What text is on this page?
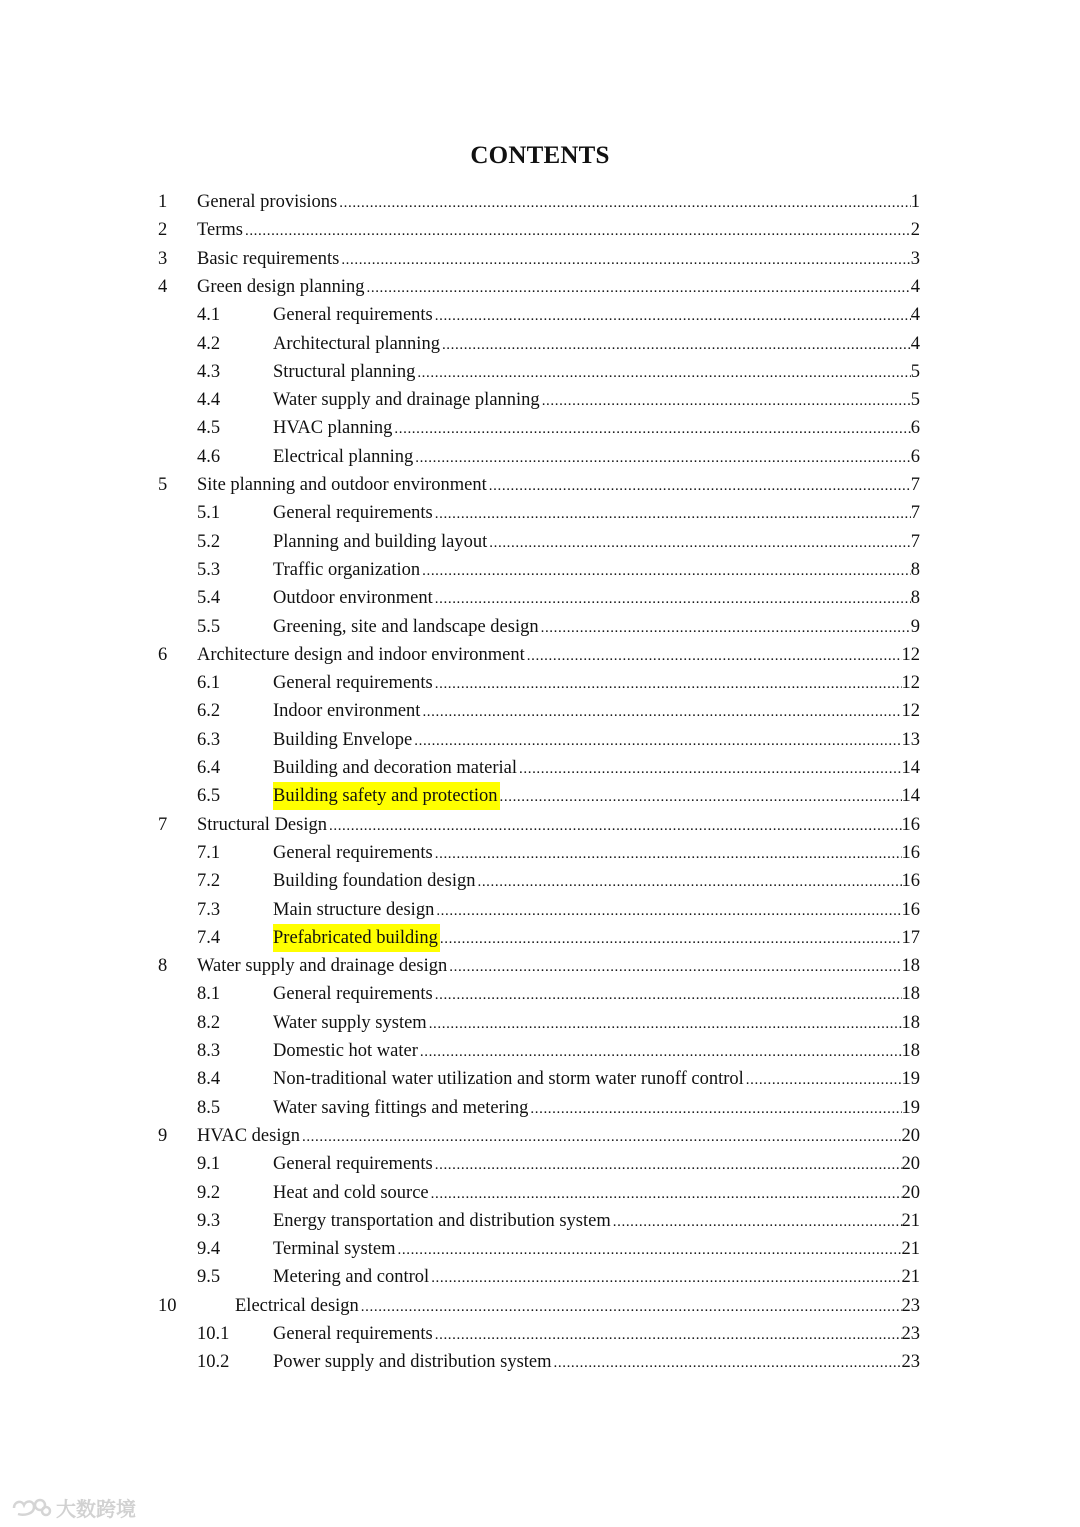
CONTENTS
1 General provisions .....	1
2 Terms .....	2
3 Basic requirements .....	3
4 Green design planning .....	4
4.1	General requirements .....	4
4.2	Architectural planning .....	4
4.3	Structural planning .....	5
4.4	Water supply and drainage planning .....	5
4.5	HVAC planning .....	6
4.6	Electrical planning .....	6
5 Site planning and outdoor environment .....	7
5.1	General requirements .....	7
5.2	Planning and building layout .....	7
5.3	Traffic organization .....	8
5.4	Outdoor environment .....	8
5.5	Greening, site and landscape design .....	9
6 Architecture design and indoor environment .....	12
6.1	General requirements .....	12
6.2	Indoor environment .....	12
6.3	Building Envelope .....	13
6.4	Building and decoration material .....	14
6.5	Building safety and protection .....	14
7 Structural Design .....	16
7.1	General requirements .....	16
7.2	Building foundation design .....	16
7.3	Main structure design .....	16
7.4	Prefabricated building .....	17
8 Water supply and drainage design .....	18
8.1	General requirements .....	18
8.2	Water supply system .....	18
8.3	Domestic hot water .....	18
8.4	Non-traditional water utilization and storm water runoff control .....	19
8.5	Water saving fittings and metering .....	19
9 HVAC design .....	20
9.1	General requirements .....	20
9.2	Heat and cold source .....	20
9.3	Energy transportation and distribution system .....	21
9.4	Terminal system .....	21
9.5	Metering and control .....	21
10	Electrical design .....	23
10.1 General requirements .....	23
10.2 Power supply and distribution system .....	23
大数跨境
